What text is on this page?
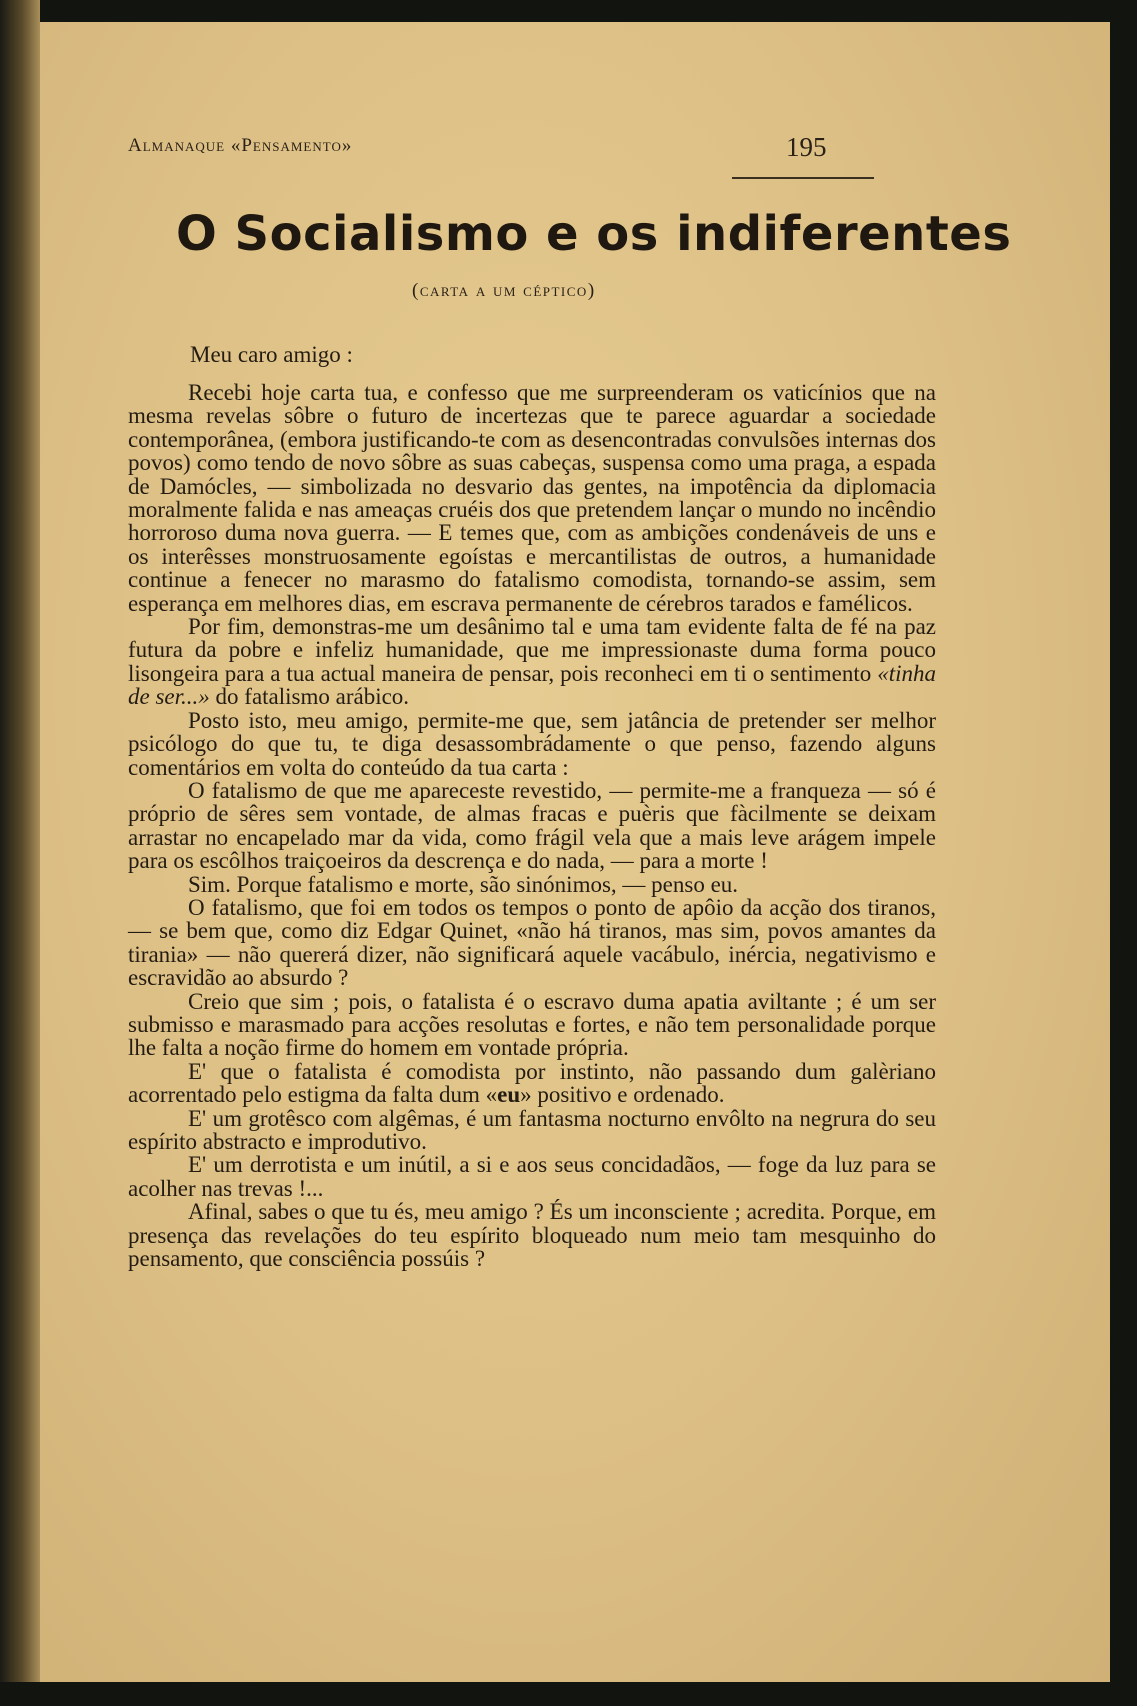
Almanaque «Pensamento»	195
O Socialismo e os indiferentes
(carta a um céptico)
Meu caro amigo :

Recebi hoje carta tua, e confesso que me surpreenderam os vaticínios que na mesma revelas sôbre o futuro de incertezas que te parece aguardar a sociedade contemporânea, (embora justificando-te com as desencontradas convulsões internas dos povos) como tendo de novo sôbre as suas cabeças, suspensa como uma praga, a espada de Damócles, — simbolizada no desvario das gentes, na impotência da diplomacia moralmente falida e nas ameaças cruéis dos que pretendem lançar o mundo no incêndio horroroso duma nova guerra. — E temes que, com as ambições condenáveis de uns e os interêsses monstruosamente egoístas e mercantilistas de outros, a humanidade continue a fenecer no marasmo do fatalismo comodista, tornando-se assim, sem esperança em melhores dias, em escrava permanente de cérebros tarados e famélicos.

Por fim, demonstras-me um desânimo tal e uma tam evidente falta de fé na paz futura da pobre e infeliz humanidade, que me impressionaste duma forma pouco lisongeira para a tua actual maneira de pensar, pois reconheci em ti o sentimento «tinha de ser...» do fatalismo arábico.

Posto isto, meu amigo, permite-me que, sem jatância de pretender ser melhor psicólogo do que tu, te diga desassombrádamente o que penso, fazendo alguns comentários em volta do conteúdo da tua carta :

O fatalismo de que me apareceste revestido, — permite-me a franqueza — só é próprio de sêres sem vontade, de almas fracas e puèris que fàcilmente se deixam arrastar no encapelado mar da vida, como frágil vela que a mais leve arágem impele para os escôlhos traiçoeiros da descrença e do nada, — para a morte !

Sim. Porque fatalismo e morte, são sinónimos, — penso eu.

O fatalismo, que foi em todos os tempos o ponto de apôio da acção dos tiranos, — se bem que, como diz Edgar Quinet, «não há tiranos, mas sim, povos amantes da tirania» — não quererá dizer, não significará aquele vacábulo, inércia, negativismo e escravidão ao absurdo ?

Creio que sim ; pois, o fatalista é o escravo duma apatia aviltante ; é um ser submisso e marasmado para acções resolutas e fortes, e não tem personalidade porque lhe falta a noção firme do homem em vontade própria.

E' que o fatalista é comodista por instinto, não passando dum galèriano acorrentado pelo estigma da falta dum «eu» positivo e ordenado.

E' um grotêsco com algêmas, é um fantasma nocturno envôlto na negrura do seu espírito abstracto e improdutivo.

E' um derrotista e um inútil, a si e aos seus concidadãos, — foge da luz para se acolher nas trevas !...

Afinal, sabes o que tu és, meu amigo ? És um inconsciente ; acredita. Porque, em presença das revelações do teu espírito bloqueado num meio tam mesquinho do pensamento, que consciência possúis ?
